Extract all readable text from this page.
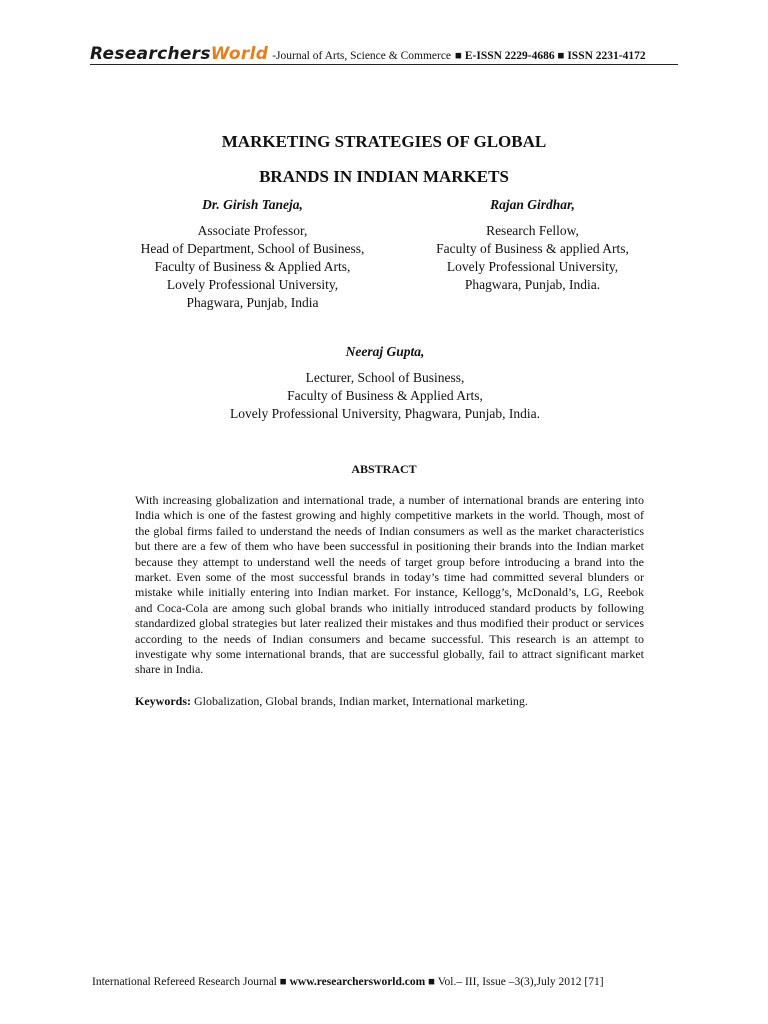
ResearchersWorld -Journal of Arts, Science & Commerce ■ E-ISSN 2229-4686 ■ ISSN 2231-4172
MARKETING STRATEGIES OF GLOBAL
BRANDS IN INDIAN MARKETS
Dr. Girish Taneja,
Associate Professor,
Head of Department, School of Business,
Faculty of Business & Applied Arts,
Lovely Professional University,
Phagwara, Punjab, India
Rajan Girdhar,
Research Fellow,
Faculty of Business & applied Arts,
Lovely Professional University,
Phagwara, Punjab, India.
Neeraj Gupta,
Lecturer, School of Business,
Faculty of Business & Applied Arts,
Lovely Professional University, Phagwara, Punjab, India.
ABSTRACT

With increasing globalization and international trade, a number of international brands are entering into India which is one of the fastest growing and highly competitive markets in the world. Though, most of the global firms failed to understand the needs of Indian consumers as well as the market characteristics but there are a few of them who have been successful in positioning their brands into the Indian market because they attempt to understand well the needs of target group before introducing a brand into the market. Even some of the most successful brands in today’s time had committed several blunders or mistake while initially entering into Indian market. For instance, Kellogg’s, McDonald’s, LG, Reebok and Coca-Cola are among such global brands who initially introduced standard products by following standardized global strategies but later realized their mistakes and thus modified their product or services according to the needs of Indian consumers and became successful. This research is an attempt to investigate why some international brands, that are successful globally, fail to attract significant market share in India.

Keywords: Globalization, Global brands, Indian market, International marketing.
International Refereed Research Journal ■ www.researchersworld.com ■ Vol.– III, Issue –3(3),July 2012 [71]
